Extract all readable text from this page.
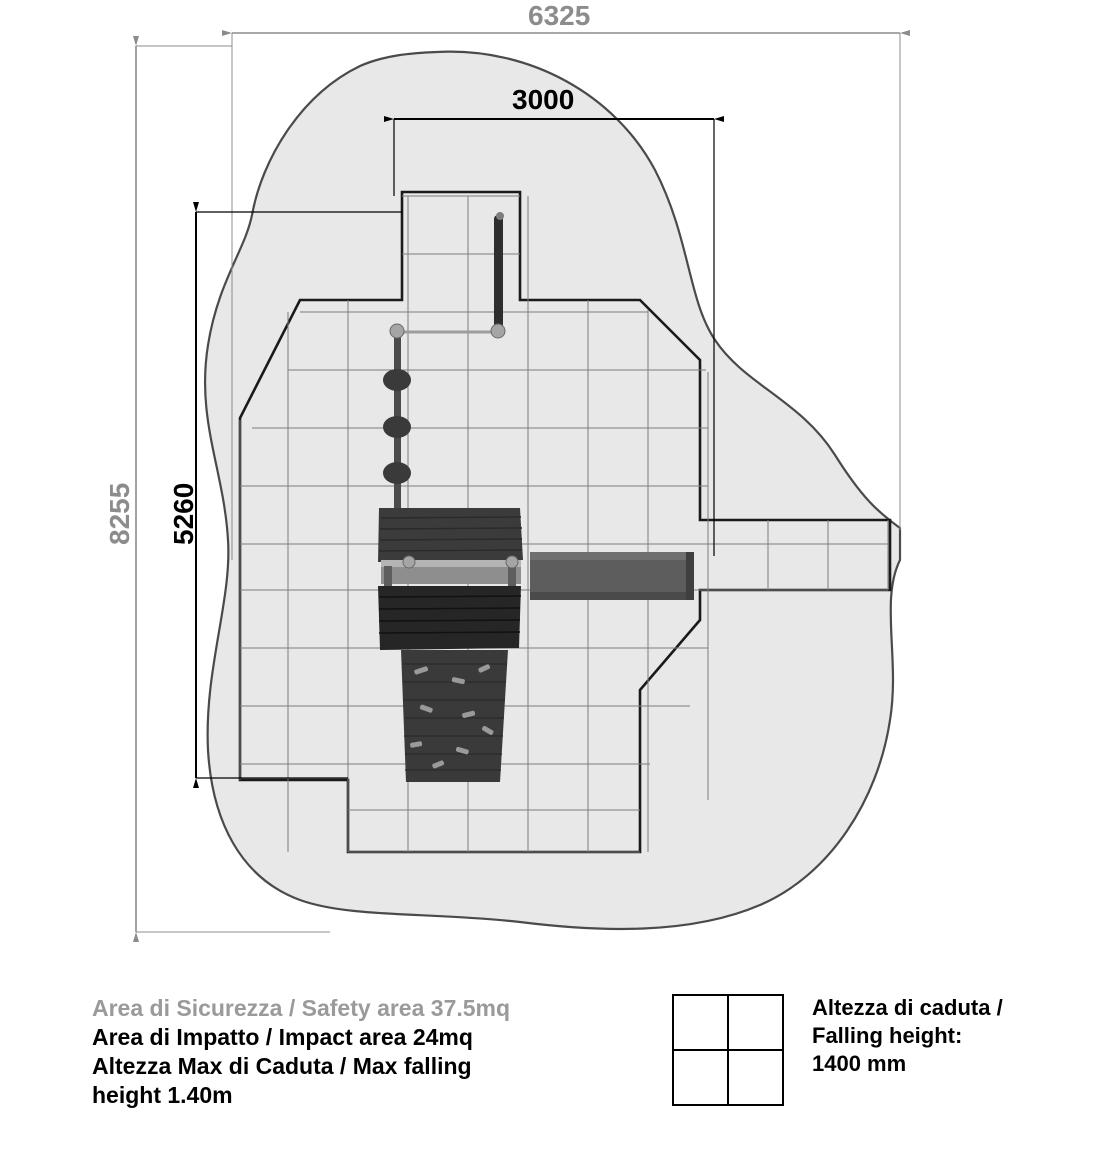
6325
8255
3000
5260
Area di Sicurezza / Safety area 37.5mq
Area di Impatto / Impact area 24mq
Altezza Max di Caduta / Max falling
height 1.40m
Altezza di caduta /
Falling height:
1400 mm
